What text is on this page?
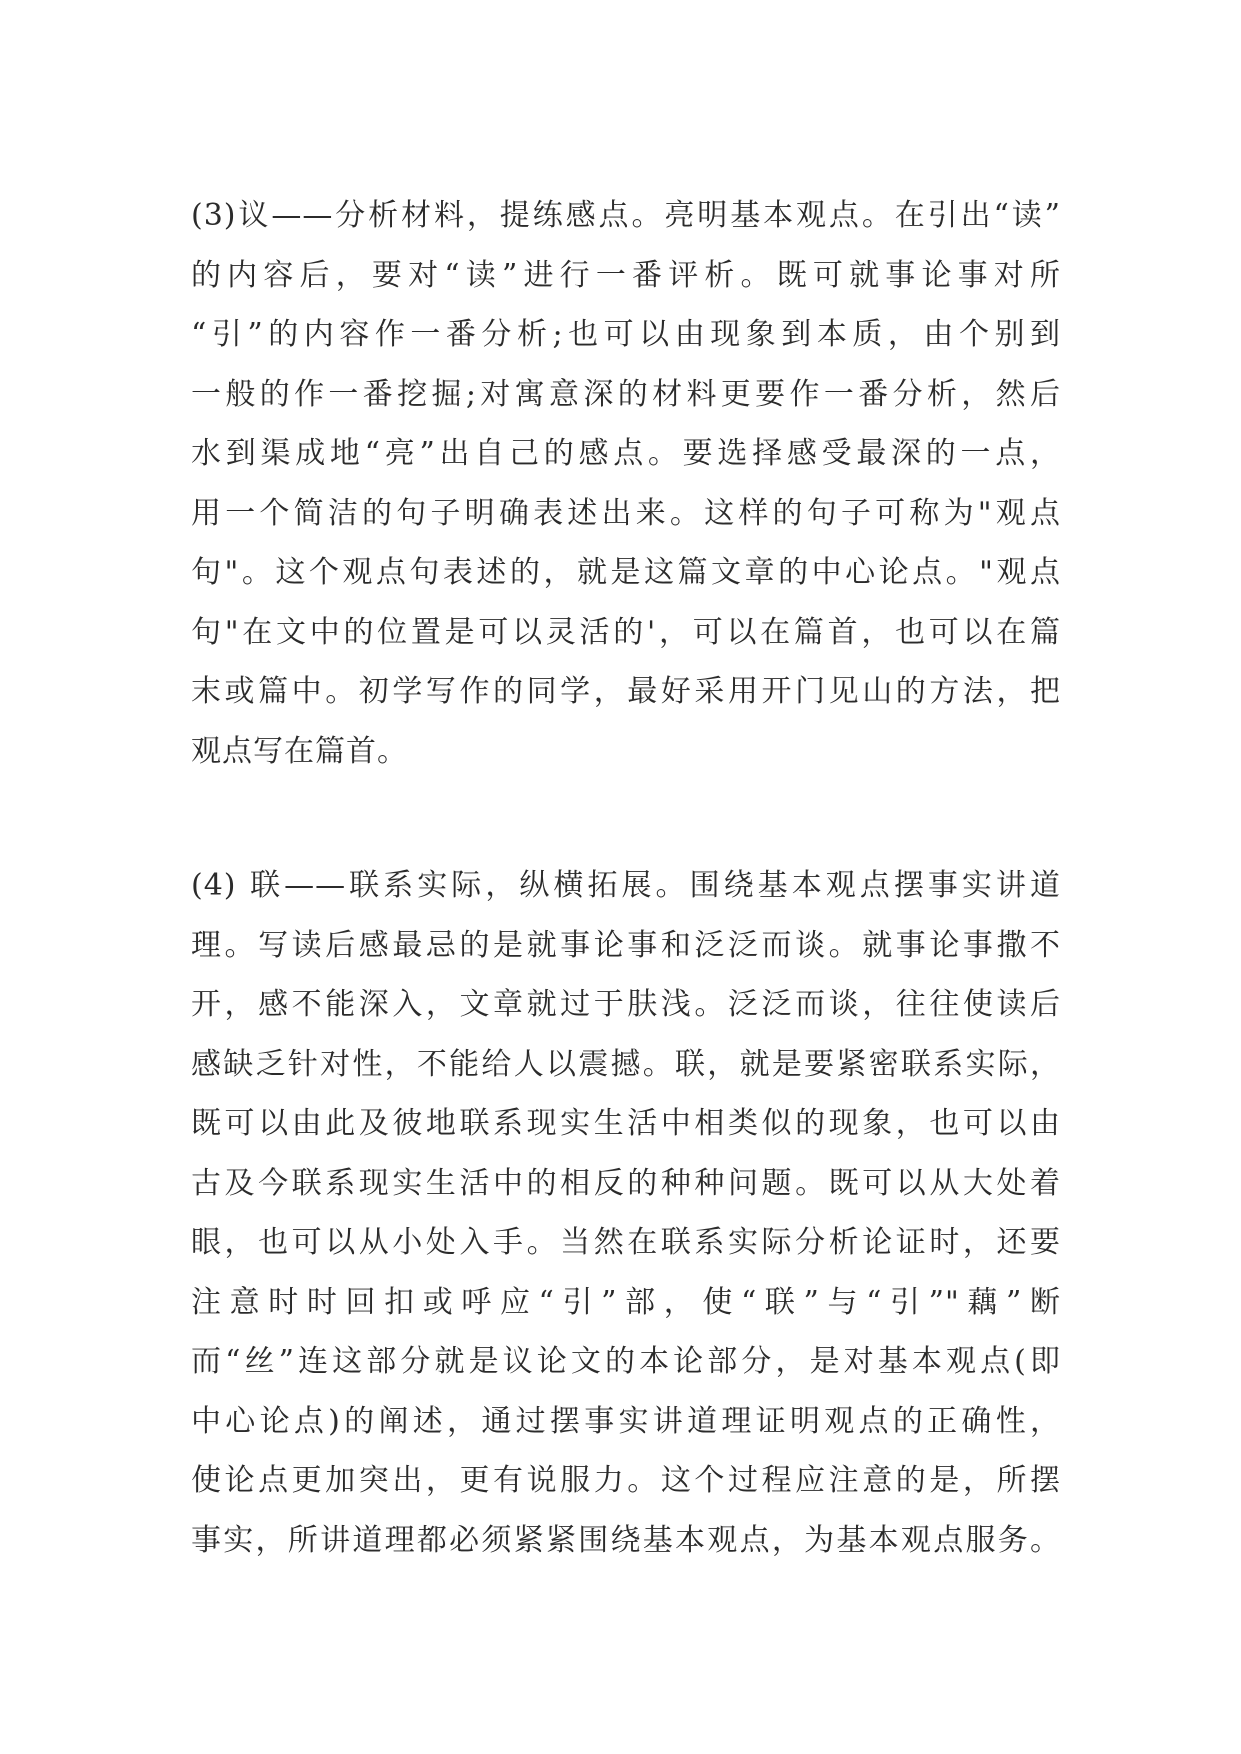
(3)议——分析材料，提练感点。亮明基本观点。在引出“读”
的内容后，要对“读”进行一番评析。既可就事论事对所
“引”的内容作一番分析;也可以由现象到本质，由个别到
一般的作一番挖掘;对寓意深的材料更要作一番分析，然后
水到渠成地“亮”出自己的感点。要选择感受最深的一点，
用一个简洁的句子明确表述出来。这样的句子可称为"观点
句"。这个观点句表述的，就是这篇文章的中心论点。"观点
句"在文中的位置是可以灵活的'，可以在篇首，也可以在篇
末或篇中。初学写作的同学，最好采用开门见山的方法，把
观点写在篇首。
(4) 联——联系实际，纵横拓展。围绕基本观点摆事实讲道
理。写读后感最忌的是就事论事和泛泛而谈。就事论事撒不
开，感不能深入，文章就过于肤浅。泛泛而谈，往往使读后
感缺乏针对性，不能给人以震撼。联，就是要紧密联系实际，
既可以由此及彼地联系现实生活中相类似的现象，也可以由
古及今联系现实生活中的相反的种种问题。既可以从大处着
眼，也可以从小处入手。当然在联系实际分析论证时，还要
注意时时回扣或呼应“引”部，使“联”与“引”"藕”断
而“丝”连这部分就是议论文的本论部分，是对基本观点(即
中心论点)的阐述，通过摆事实讲道理证明观点的正确性，
使论点更加突出，更有说服力。这个过程应注意的是，所摆
事实，所讲道理都必须紧紧围绕基本观点，为基本观点服务。
